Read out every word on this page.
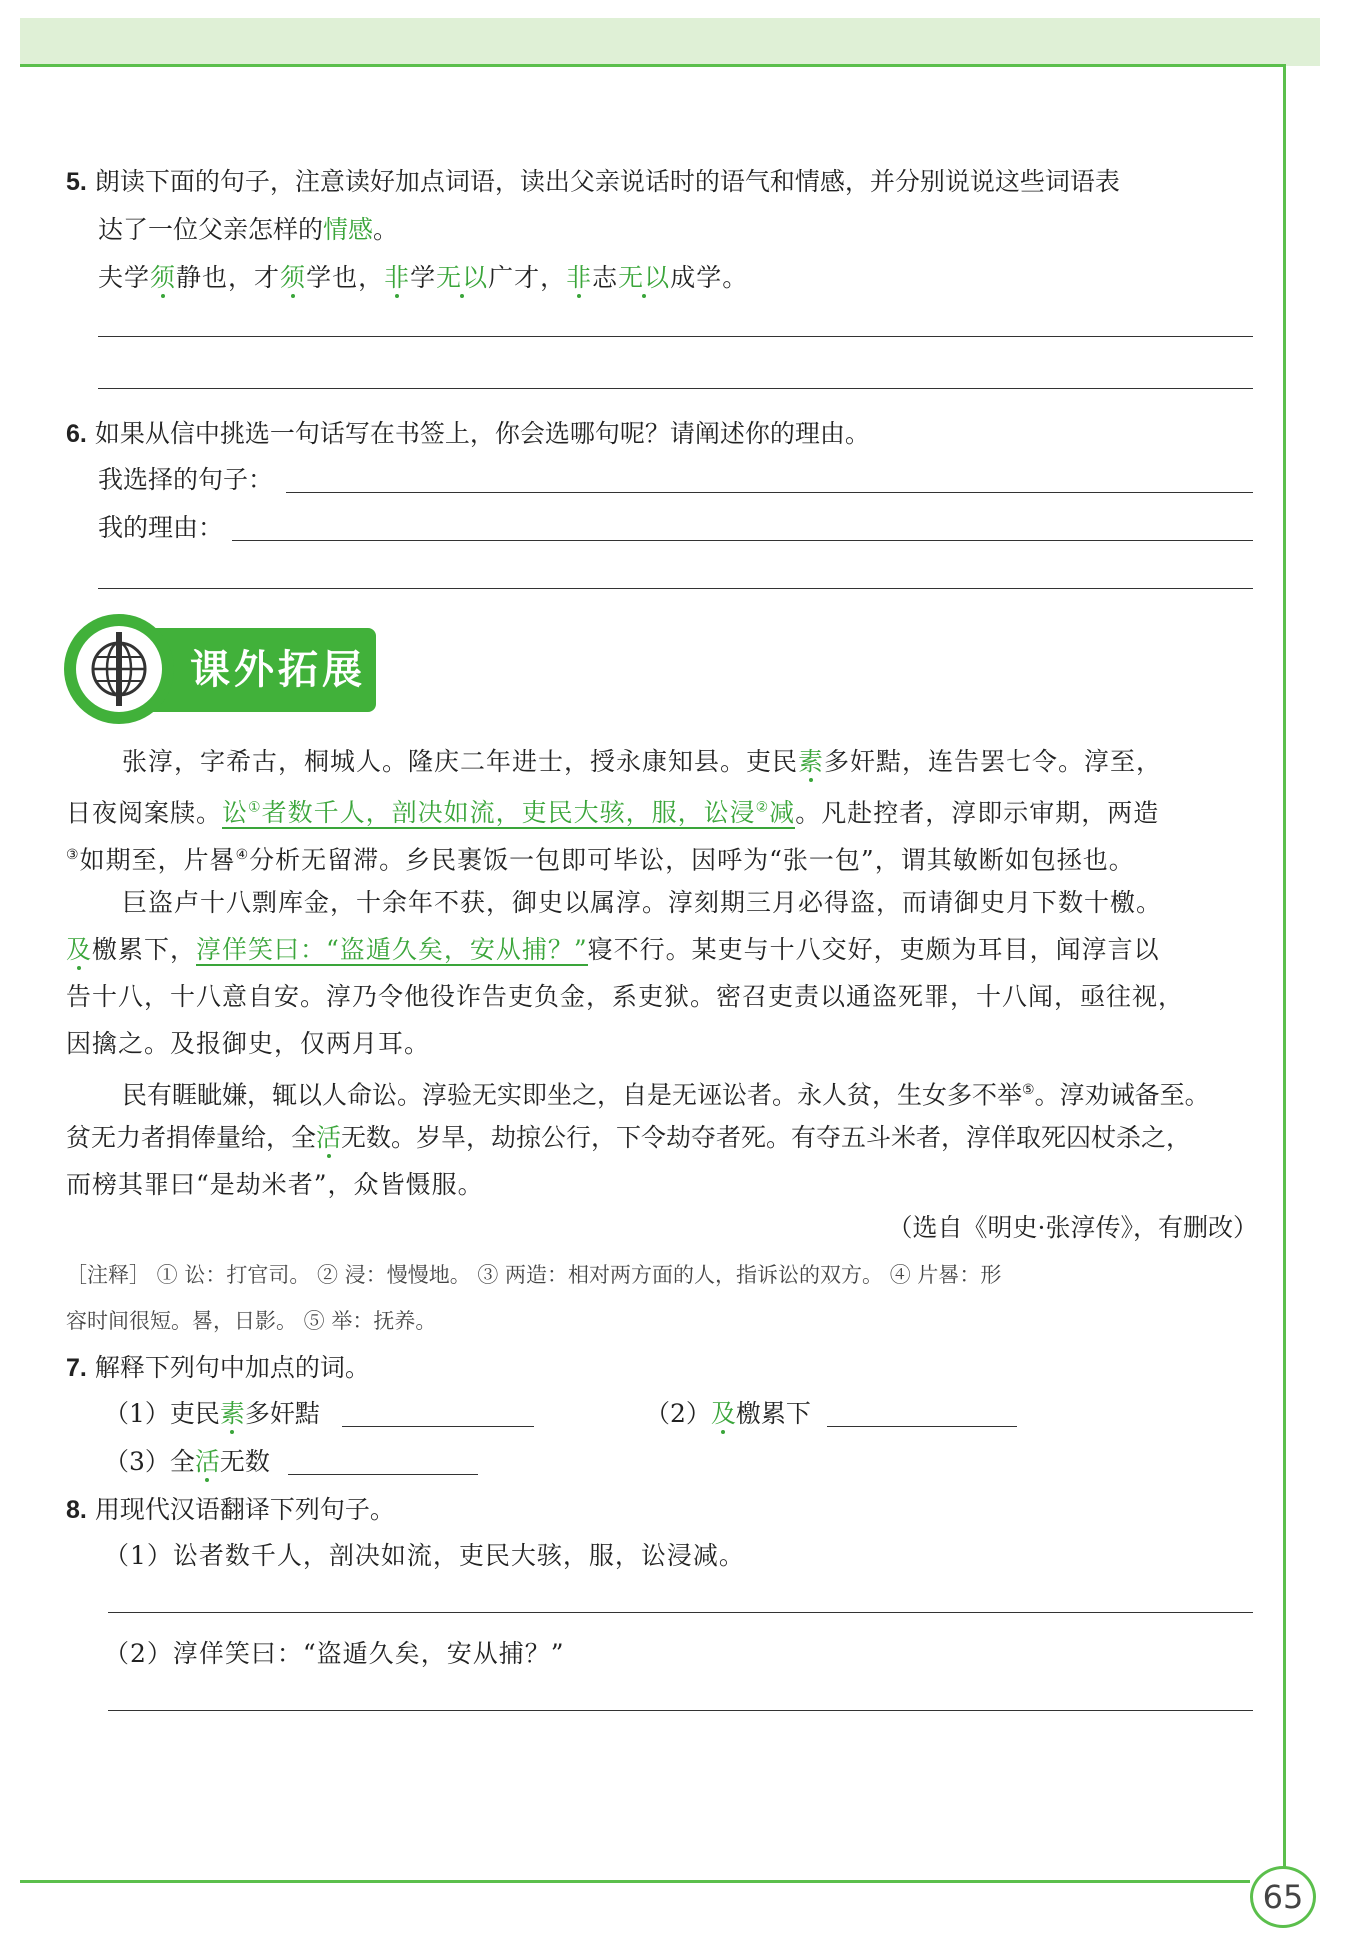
5. 朗读下面的句子，注意读好加点词语，读出父亲说话时的语气和情感，并分别说说这些词语表
达了一位父亲怎样的情感。
夫学须静也，才须学也，非学无以广才，非志无以成学。
6. 如果从信中挑选一句话写在书签上，你会选哪句呢？请阐述你的理由。
我选择的句子：
我的理由：
课外拓展
张淳，字希古，桐城人。隆庆二年进士，授永康知县。吏民素多奸黠，连告罢七令。淳至，
日夜阅案牍。讼①者数千人，剖决如流，吏民大骇，服，讼浸②减。凡赴控者，淳即示审期，两造
③如期至，片晷④分析无留滞。乡民裹饭一包即可毕讼，因呼为“张一包”，谓其敏断如包拯也。
巨盗卢十八剽库金，十余年不获，御史以属淳。淳刻期三月必得盗，而请御史月下数十檄。
及檄累下，淳佯笑曰：“盗遁久矣，安从捕？”寝不行。某吏与十八交好，吏颇为耳目，闻淳言以
告十八，十八意自安。淳乃令他役诈告吏负金，系吏狱。密召吏责以通盗死罪，十八闻，亟往视，
因擒之。及报御史，仅两月耳。
民有睚眦嫌，辄以人命讼。淳验无实即坐之，自是无诬讼者。永人贫，生女多不举⑤。淳劝诫备至。
贫无力者捐俸量给，全活无数。岁旱，劫掠公行，下令劫夺者死。有夺五斗米者，淳佯取死囚杖杀之，
而榜其罪曰“是劫米者”，众皆慑服。
（选自《明史·张淳传》，有删改）
［注释］ ① 讼：打官司。 ② 浸：慢慢地。 ③ 两造：相对两方面的人，指诉讼的双方。 ④ 片晷：形
容时间很短。晷，日影。 ⑤ 举：抚养。
7. 解释下列句中加点的词。
（1）吏民素多奸黠	（2）及檄累下
（3）全活无数
8. 用现代汉语翻译下列句子。
（1）讼者数千人，剖决如流，吏民大骇，服，讼浸减。
（2）淳佯笑曰：“盗遁久矣，安从捕？”
65
